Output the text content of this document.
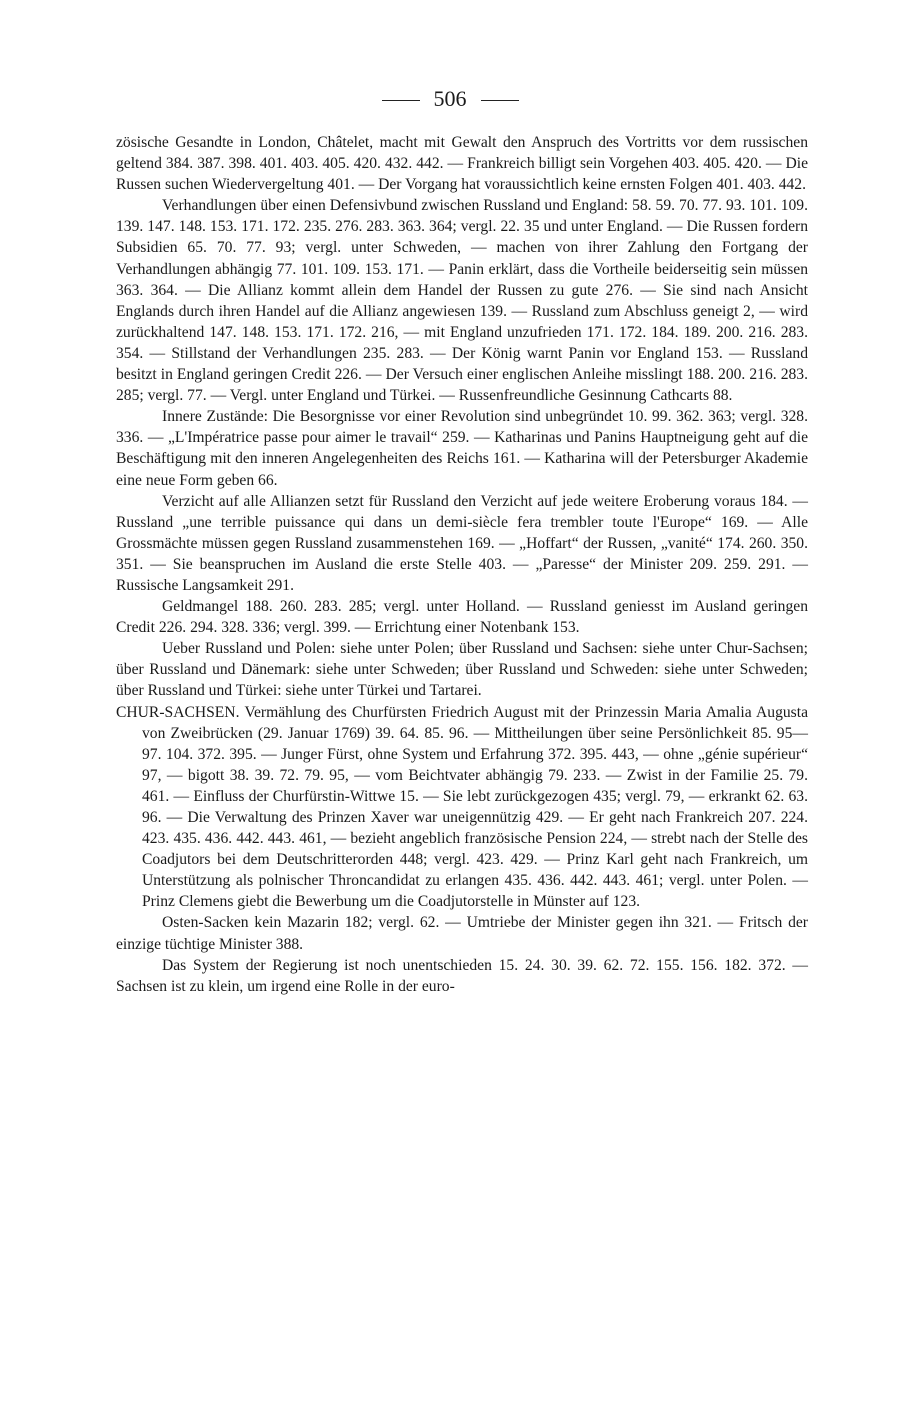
506

zösische Gesandte in London, Châtelet, macht mit Gewalt den Anspruch des Vortritts vor dem russischen geltend 384. 387. 398. 401. 403. 405. 420. 432. 442. — Frankreich billigt sein Vorgehen 403. 405. 420. — Die Russen suchen Wiedervergeltung 401. — Der Vorgang hat voraussichtlich keine ernsten Folgen 401. 403. 442.

Verhandlungen über einen Defensivbund zwischen Russland und England: 58. 59. 70. 77. 93. 101. 109. 139. 147. 148. 153. 171. 172. 235. 276. 283. 363. 364; vergl. 22. 35 und unter England. — Die Russen fordern Subsidien 65. 70. 77. 93; vergl. unter Schweden, — machen von ihrer Zahlung den Fortgang der Verhandlungen abhängig 77. 101. 109. 153. 171. — Panin erklärt, dass die Vortheile beiderseitig sein müssen 363. 364. — Die Allianz kommt allein dem Handel der Russen zu gute 276. — Sie sind nach Ansicht Englands durch ihren Handel auf die Allianz angewiesen 139. — Russland zum Abschluss geneigt 2, — wird zurückhaltend 147. 148. 153. 171. 172. 216, — mit England unzufrieden 171. 172. 184. 189. 200. 216. 283. 354. — Stillstand der Verhandlungen 235. 283. — Der König warnt Panin vor England 153. — Russland besitzt in England geringen Credit 226. — Der Versuch einer englischen Anleihe misslingt 188. 200. 216. 283. 285; vergl. 77. — Vergl. unter England und Türkei. — Russenfreundliche Gesinnung Cathcarts 88.

Innere Zustände: Die Besorgnisse vor einer Revolution sind unbegründet 10. 99. 362. 363; vergl. 328. 336. — „L'Impératrice passe pour aimer le travail“ 259. — Katharinas und Panins Hauptneigung geht auf die Beschäftigung mit den inneren Angelegenheiten des Reichs 161. — Katharina will der Petersburger Akademie eine neue Form geben 66.

Verzicht auf alle Allianzen setzt für Russland den Verzicht auf jede weitere Eroberung voraus 184. — Russland „une terrible puissance qui dans un demi-siècle fera trembler toute l'Europe“ 169. — Alle Grossmächte müssen gegen Russland zusammenstehen 169. — „Hoffart“ der Russen, „vanité“ 174. 260. 350. 351. — Sie beanspruchen im Ausland die erste Stelle 403. — „Paresse“ der Minister 209. 259. 291. — Russische Langsamkeit 291.

Geldmangel 188. 260. 283. 285; vergl. unter Holland. — Russland geniesst im Ausland geringen Credit 226. 294. 328. 336; vergl. 399. — Errichtung einer Notenbank 153.

Ueber Russland und Polen: siehe unter Polen; über Russland und Sachsen: siehe unter Chur-Sachsen; über Russland und Dänemark: siehe unter Schweden; über Russland und Schweden: siehe unter Schweden; über Russland und Türkei: siehe unter Türkei und Tartarei.

CHUR-SACHSEN. Vermählung des Churfürsten Friedrich August mit der Prinzessin Maria Amalia Augusta von Zweibrücken (29. Januar 1769) 39. 64. 85. 96. — Mittheilungen über seine Persönlichkeit 85. 95—97. 104. 372. 395. — Junger Fürst, ohne System und Erfahrung 372. 395. 443, — ohne „génie supérieur“ 97, — bigott 38. 39. 72. 79. 95, — vom Beichtvater abhängig 79. 233. — Zwist in der Familie 25. 79. 461. — Einfluss der Churfürstin-Wittwe 15. — Sie lebt zurückgezogen 435; vergl. 79, — erkrankt 62. 63. 96. — Die Verwaltung des Prinzen Xaver war uneigennützig 429. — Er geht nach Frankreich 207. 224. 423. 435. 436. 442. 443. 461, — bezieht angeblich französische Pension 224, — strebt nach der Stelle des Coadjutors bei dem Deutschritterorden 448; vergl. 423. 429. — Prinz Karl geht nach Frankreich, um Unterstützung als polnischer Throncandidat zu erlangen 435. 436. 442. 443. 461; vergl. unter Polen. — Prinz Clemens giebt die Bewerbung um die Coadjutorstelle in Münster auf 123.

Osten-Sacken kein Mazarin 182; vergl. 62. — Umtriebe der Minister gegen ihn 321. — Fritsch der einzige tüchtige Minister 388.

Das System der Regierung ist noch unentschieden 15. 24. 30. 39. 62. 72. 155. 156. 182. 372. — Sachsen ist zu klein, um irgend eine Rolle in der euro-
